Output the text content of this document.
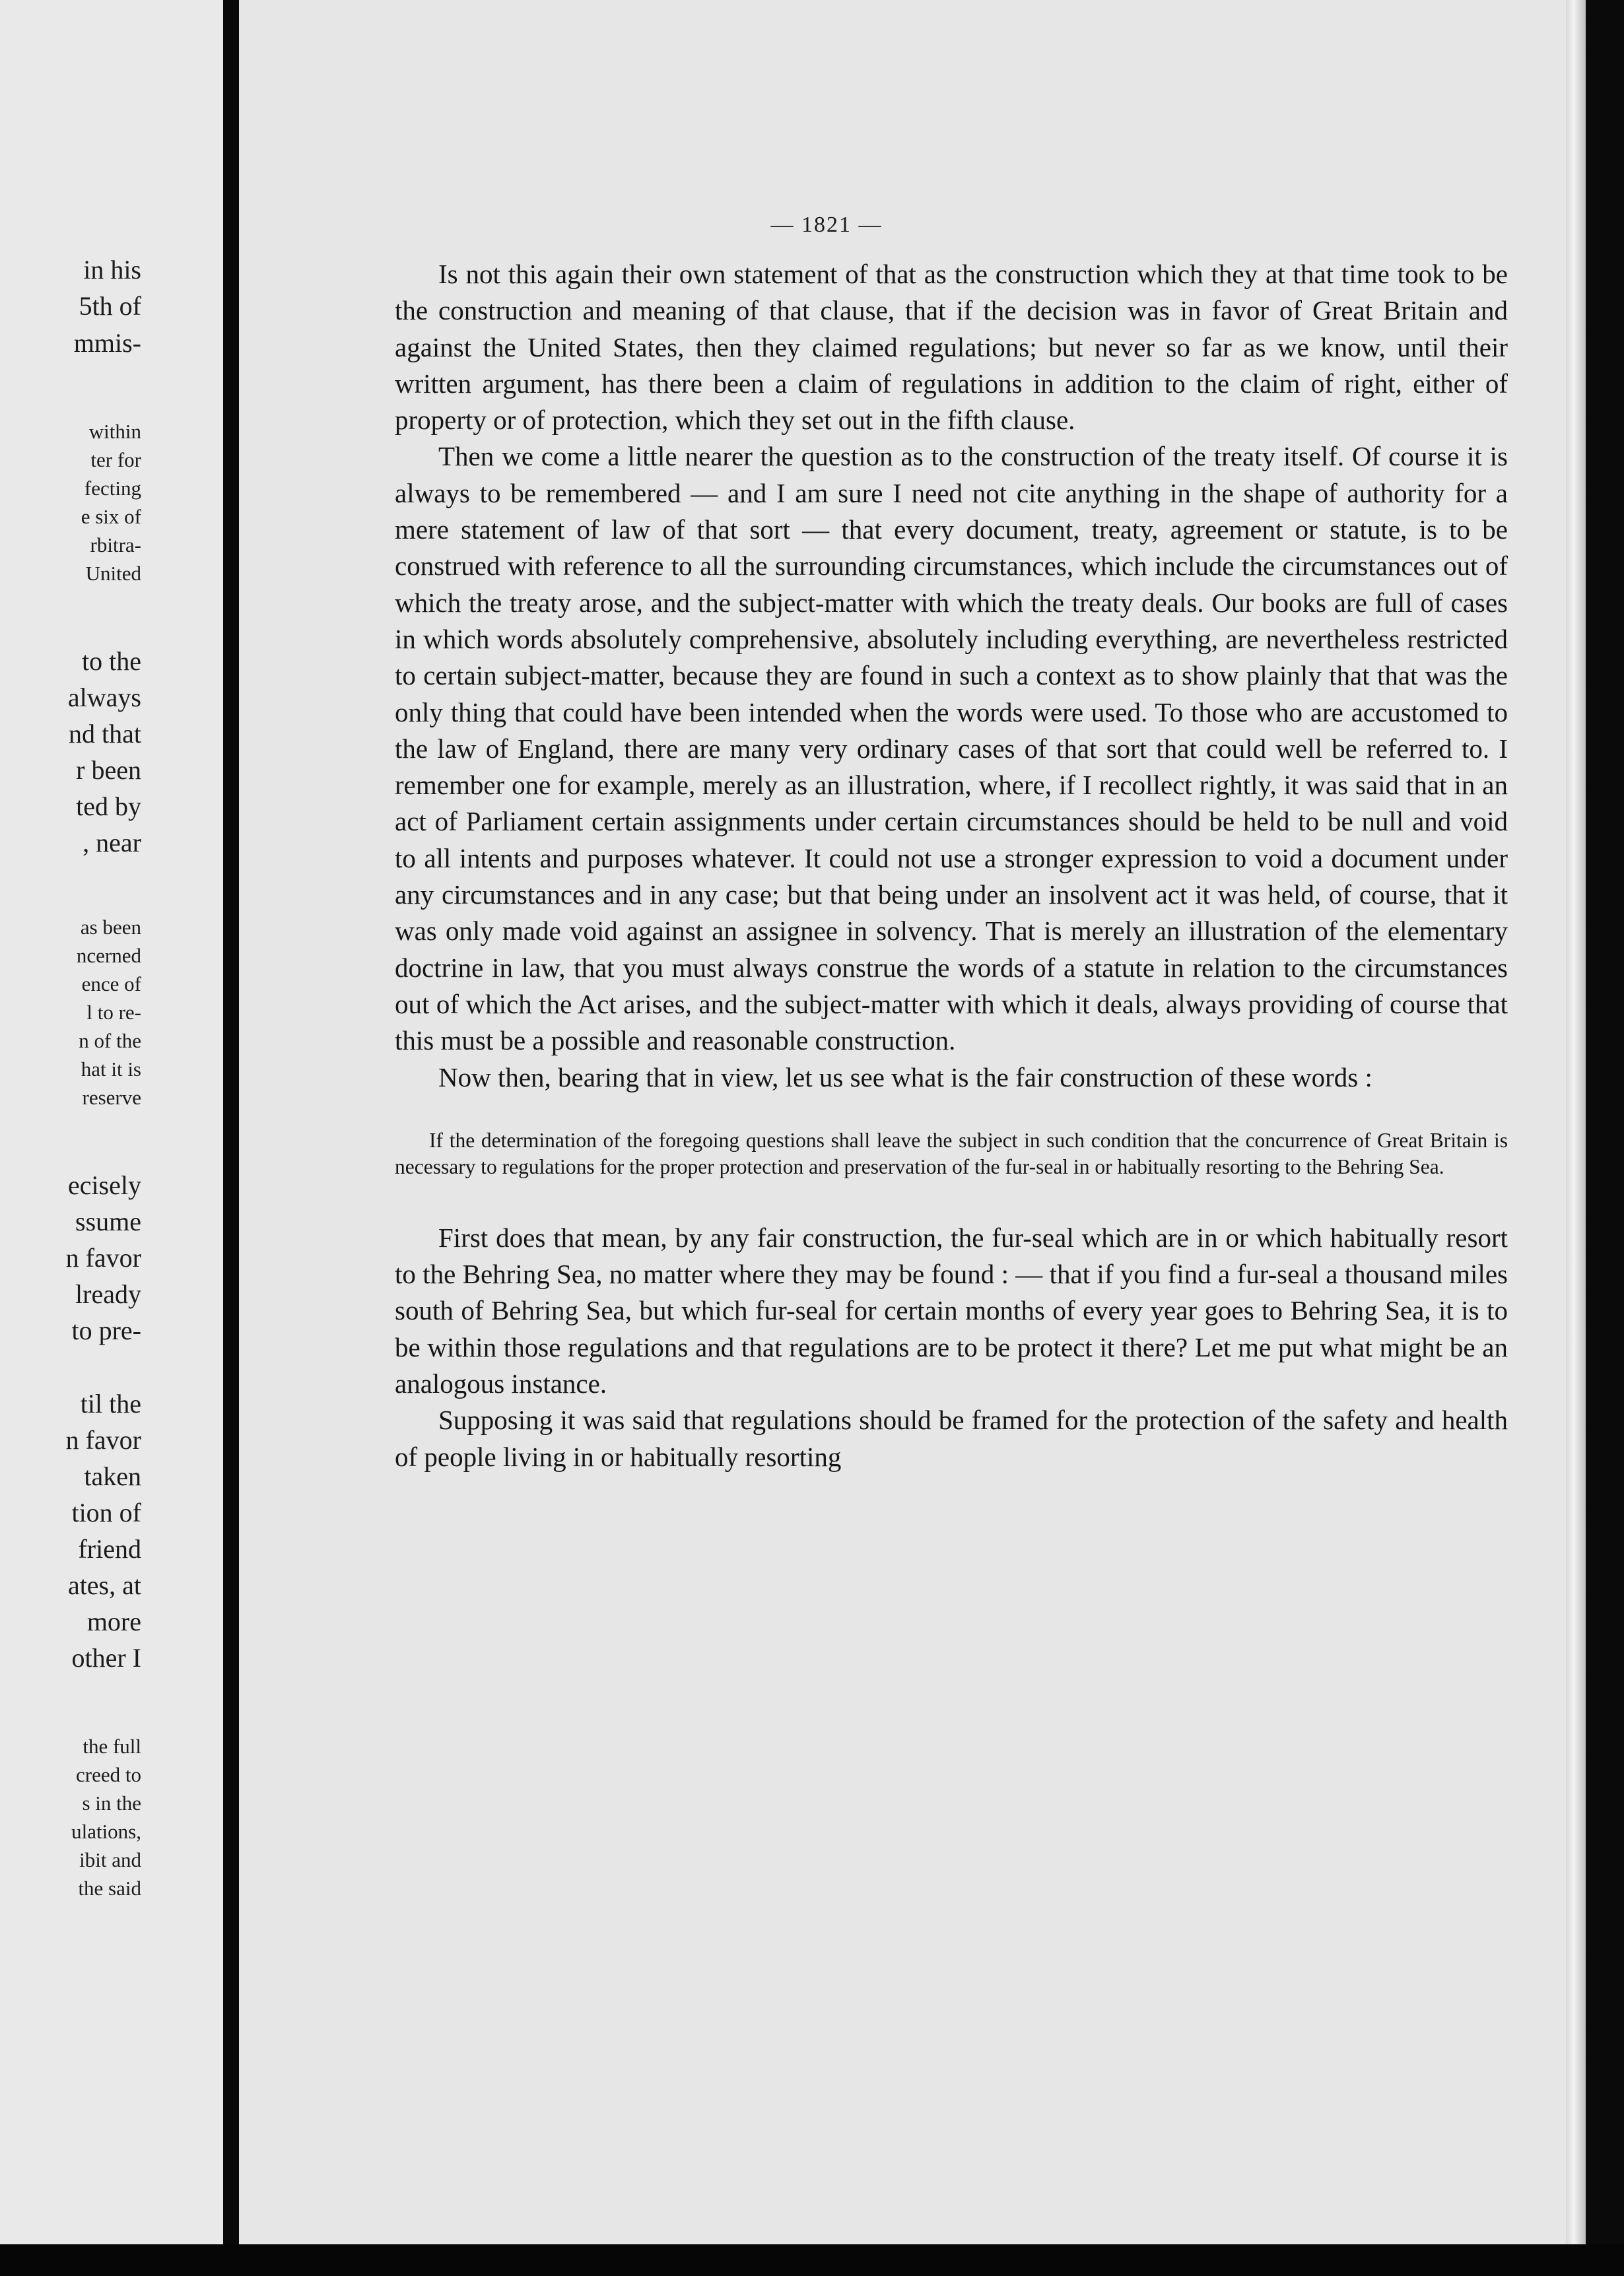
in his
5th of
mmis-
within
ter for
fecting
e six of
rbitra-
United
to the
always
nd that
r been
ted by
, near
as been
ncerned
ence of
l to re-
n of the
hat it is
reserve
ecisely
ssume
n favor
lready
to pre-
til the
n favor
taken
tion of
friend
ates, at
more
other I
the full
creed to
s in the
ulations,
ibit and
the said
— 1821 —

Is not this again their own statement of that as the construction which they at that time took to be the construction and meaning of that clause, that if the decision was in favor of Great Britain and against the United States, then they claimed regulations; but never so far as we know, until their written argument, has there been a claim of regulations in addition to the claim of right, either of property or of protection, which they set out in the fifth clause.

Then we come a little nearer the question as to the construction of the treaty itself. Of course it is always to be remembered — and I am sure I need not cite anything in the shape of authority for a mere statement of law of that sort — that every document, treaty, agreement or statute, is to be construed with reference to all the surrounding circumstances, which include the circumstances out of which the treaty arose, and the subject-matter with which the treaty deals. Our books are full of cases in which words absolutely comprehensive, absolutely including everything, are nevertheless restricted to certain subject-matter, because they are found in such a context as to show plainly that that was the only thing that could have been intended when the words were used. To those who are accustomed to the law of England, there are many very ordinary cases of that sort that could well be referred to. I remember one for example, merely as an illustration, where, if I recollect rightly, it was said that in an act of Parliament certain assignments under certain circumstances should be held to be null and void to all intents and purposes whatever. It could not use a stronger expression to void a document under any circumstances and in any case; but that being under an insolvent act it was held, of course, that it was only made void against an assignee in solvency. That is merely an illustration of the elementary doctrine in law, that you must always construe the words of a statute in relation to the circumstances out of which the Act arises, and the subject-matter with which it deals, always providing of course that this must be a possible and reasonable construction.

Now then, bearing that in view, let us see what is the fair construction of these words :

If the determination of the foregoing questions shall leave the subject in such condition that the concurrence of Great Britain is necessary to regulations for the proper protection and preservation of the fur-seal in or habitually resorting to the Behring Sea.

First does that mean, by any fair construction, the fur-seal which are in or which habitually resort to the Behring Sea, no matter where they may be found : — that if you find a fur-seal a thousand miles south of Behring Sea, but which fur-seal for certain months of every year goes to Behring Sea, it is to be within those regulations and that regulations are to be protect it there? Let me put what might be an analogous instance.

Supposing it was said that regulations should be framed for the protection of the safety and health of people living in or habitually resorting
